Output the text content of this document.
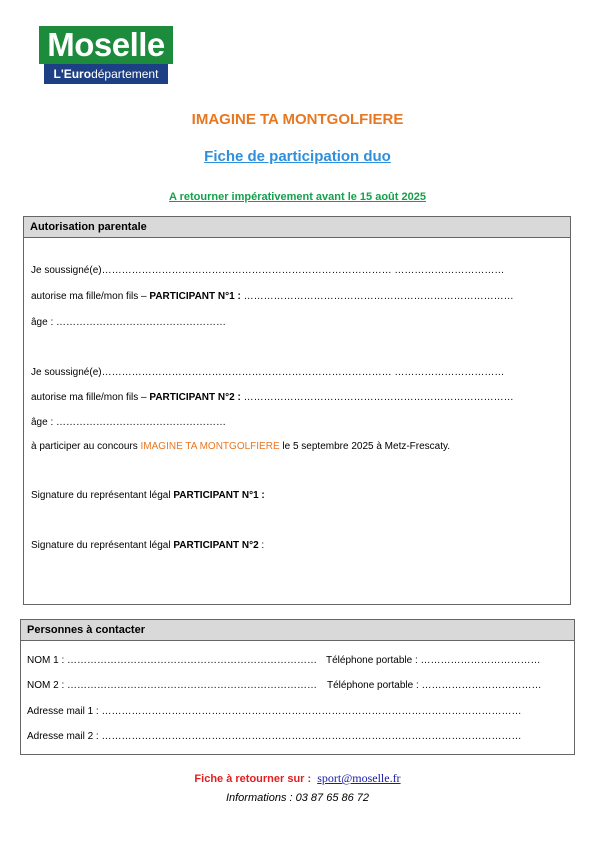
Moselle
L'Eurodépartement
IMAGINE TA MONTGOLFIERE
Fiche de participation duo
A retourner impérativement avant le 15 août 2025
Autorisation parentale
Je soussigné(e)…………………………………………………………………………… ……………………………
autorise ma fille/mon fils – PARTICIPANT N°1 : ………………………………………………………………………
âge : ……………………………………………
Je soussigné(e)…………………………………………………………………………… ……………………………
autorise ma fille/mon fils – PARTICIPANT N°2 : ………………………………………………………………………
âge : ……………………………………………
à participer au concours IMAGINE TA MONTGOLFIERE le 5 septembre 2025 à Metz-Frescaty.
Signature du représentant légal PARTICIPANT N°1 :
Signature du représentant légal PARTICIPANT N°2 :
Personnes à contacter
NOM 1 : ………………………………………………………………… Téléphone portable : ………………………………
NOM 2 : ………………………………………………………………… Téléphone portable : ………………………………
Adresse mail 1 : ………………………………………………………………………………………………………………
Adresse mail 2 : ………………………………………………………………………………………………………………
Fiche à retourner sur : sport@moselle.fr
Informations : 03 87 65 86 72
